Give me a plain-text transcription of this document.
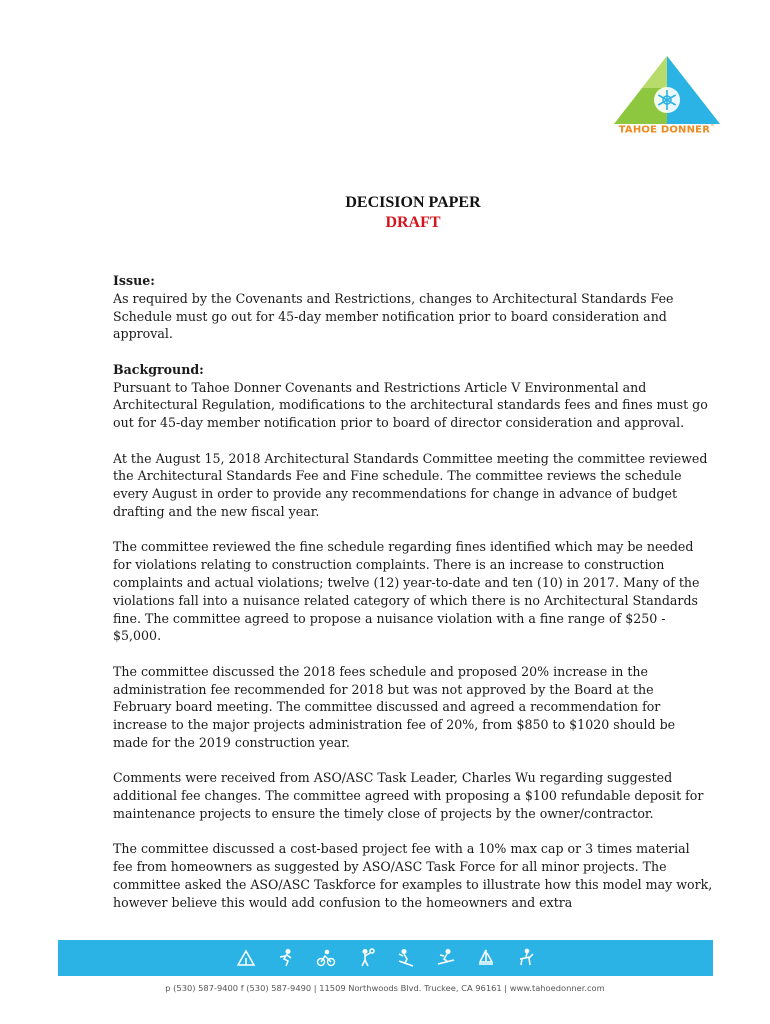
TAHOE DONNER™

DECISION PAPER

DRAFT

Issue:

As required by the Covenants and Restrictions, changes to Architectural Standards Fee Schedule must go out for 45-day member notification prior to board consideration and approval.

Background:

Pursuant to Tahoe Donner Covenants and Restrictions Article V Environmental and Architectural Regulation, modifications to the architectural standards fees and fines must go out for 45-day member notification prior to board of director consideration and approval.

At the August 15, 2018 Architectural Standards Committee meeting the committee reviewed the Architectural Standards Fee and Fine schedule. The committee reviews the schedule every August in order to provide any recommendations for change in advance of budget drafting and the new fiscal year.

The committee reviewed the fine schedule regarding fines identified which may be needed for violations relating to construction complaints. There is an increase to construction complaints and actual violations; twelve (12) year-to-date and ten (10) in 2017. Many of the violations fall into a nuisance related category of which there is no Architectural Standards fine. The committee agreed to propose a nuisance violation with a fine range of $250 - $5,000.

The committee discussed the 2018 fees schedule and proposed 20% increase in the administration fee recommended for 2018 but was not approved by the Board at the February board meeting. The committee discussed and agreed a recommendation for increase to the major projects administration fee of 20%, from $850 to $1020 should be made for the 2019 construction year.

Comments were received from ASO/ASC Task Leader, Charles Wu regarding suggested additional fee changes. The committee agreed with proposing a $100 refundable deposit for maintenance projects to ensure the timely close of projects by the owner/contractor.

The committee discussed a cost-based project fee with a 10% max cap or 3 times material fee from homeowners as suggested by ASO/ASC Task Force for all minor projects. The committee asked the ASO/ASC Taskforce for examples to illustrate how this model may work, however believe this would add confusion to the homeowners and extra

p (530) 587-9400 f (530) 587-9490 | 11509 Northwoods Blvd. Truckee, CA 96161 | www.tahoedonner.com
